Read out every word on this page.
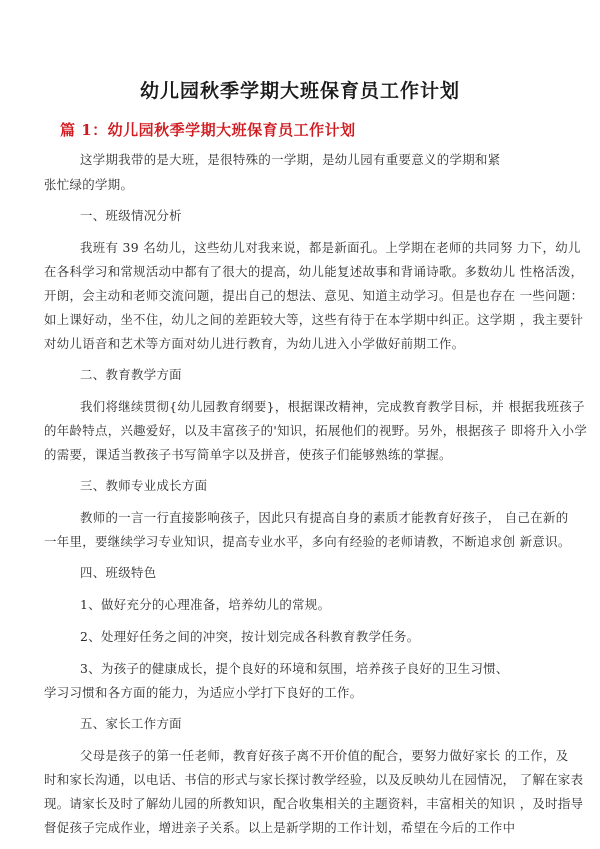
幼儿园秋季学期大班保育员工作计划
篇 1：幼儿园秋季学期大班保育员工作计划
这学期我带的是大班，是很特殊的一学期，是幼儿园有重要意义的学期和紧
张忙绿的学期。
一、班级情况分析
我班有 39 名幼儿，这些幼儿对我来说，都是新面孔。上学期在老师的共同努 力下，幼儿
在各科学习和常规活动中都有了很大的提高，幼儿能复述故事和背诵诗歌。多数幼儿 性格活泼，
开朗，会主动和老师交流问题，提出自己的想法、意见、知道主动学习。但是也存在 一些问题：
如上课好动，坐不住，幼儿之间的差距较大等，这些有待于在本学期中纠正。这学期 ，我主要针
对幼儿语音和艺术等方面对幼儿进行教育，为幼儿进入小学做好前期工作。
二、教育教学方面
我们将继续贯彻{幼儿园教育纲要}，根据课改精神，完成教育教学目标，并 根据我班孩子
的年龄特点，兴趣爱好，以及丰富孩子的'知识，拓展他们的视野。另外，根据孩子 即将升入小学
的需要，课适当教孩子书写简单字以及拼音，使孩子们能够熟练的掌握。
三、教师专业成长方面
教师的一言一行直接影响孩子，因此只有提高自身的素质才能教育好孩子， 自己在新的
一年里，要继续学习专业知识，提高专业水平，多向有经验的老师请教，不断追求创 新意识。
四、班级特色
1、做好充分的心理准备，培养幼儿的常规。
2、处理好任务之间的冲突，按计划完成各科教育教学任务。
3、为孩子的健康成长，提个良好的环境和氛围，培养孩子良好的卫生习惯、
学习习惯和各方面的能力，为适应小学打下良好的工作。
五、家长工作方面
父母是孩子的第一任老师，教育好孩子离不开价值的配合，要努力做好家长 的工作，及
时和家长沟通，以电话、书信的形式与家长探讨教学经验，以及反映幼儿在园情况， 了解在家表
现。请家长及时了解幼儿园的所教知识，配合收集相关的主题资料，丰富相关的知识 ，及时指导
督促孩子完成作业，增进亲子关系。以上是新学期的工作计划，希望在今后的工作中
